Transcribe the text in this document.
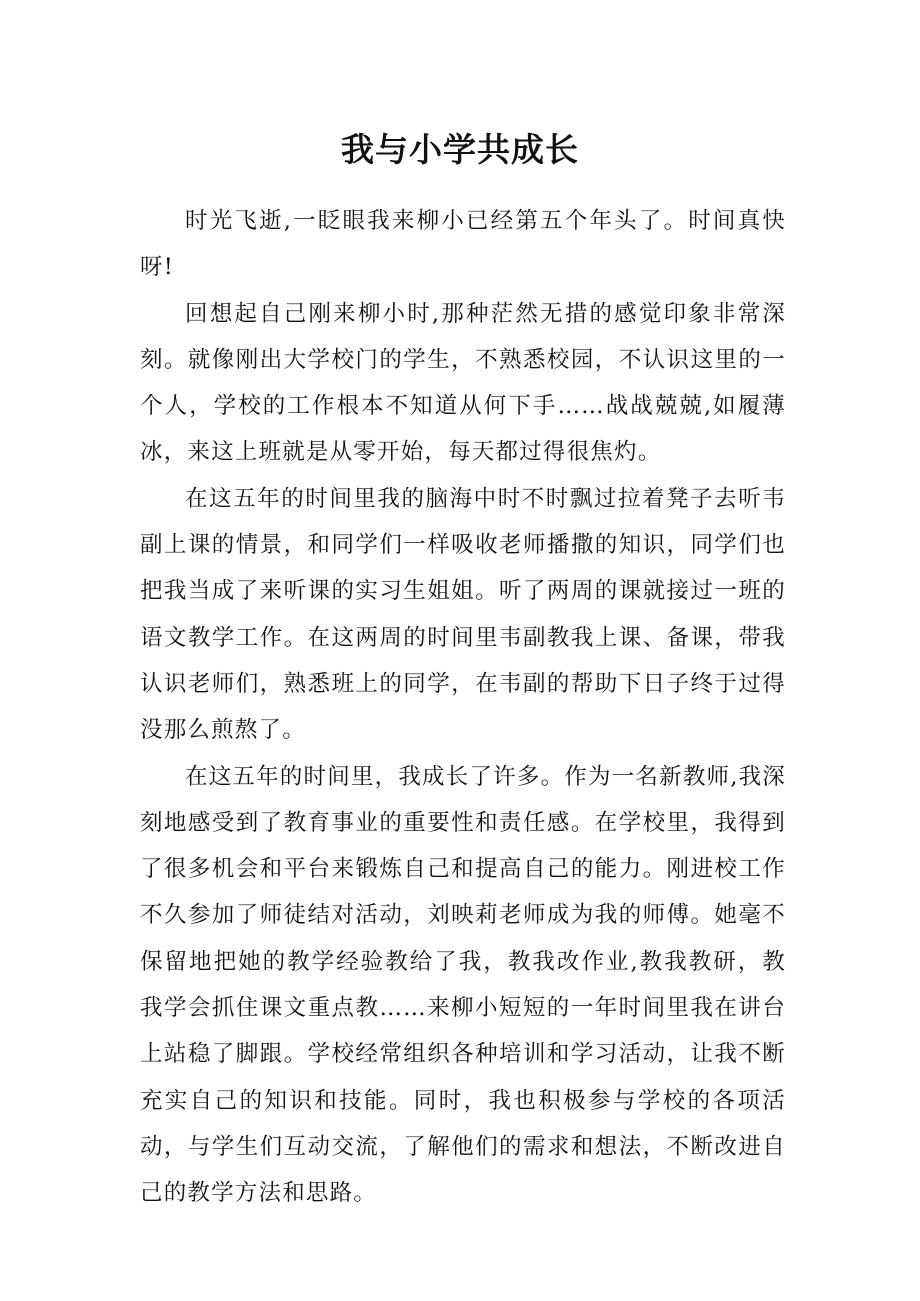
我与小学共成长

时光飞逝,一眨眼我来柳小已经第五个年头了。时间真快呀!

回想起自己刚来柳小时,那种茫然无措的感觉印象非常深刻。就像刚出大学校门的学生，不熟悉校园，不认识这里的一个人，学校的工作根本不知道从何下手……战战兢兢,如履薄冰，来这上班就是从零开始，每天都过得很焦灼。

在这五年的时间里我的脑海中时不时飘过拉着凳子去听韦副上课的情景，和同学们一样吸收老师播撒的知识，同学们也把我当成了来听课的实习生姐姐。听了两周的课就接过一班的语文教学工作。在这两周的时间里韦副教我上课、备课，带我认识老师们，熟悉班上的同学，在韦副的帮助下日子终于过得没那么煎熬了。

在这五年的时间里，我成长了许多。作为一名新教师,我深刻地感受到了教育事业的重要性和责任感。在学校里，我得到了很多机会和平台来锻炼自己和提高自己的能力。刚进校工作不久参加了师徒结对活动，刘映莉老师成为我的师傅。她毫不保留地把她的教学经验教给了我，教我改作业,教我教研，教我学会抓住课文重点教……来柳小短短的一年时间里我在讲台上站稳了脚跟。学校经常组织各种培训和学习活动，让我不断充实自己的知识和技能。同时，我也积极参与学校的各项活动，与学生们互动交流，了解他们的需求和想法，不断改进自己的教学方法和思路。
